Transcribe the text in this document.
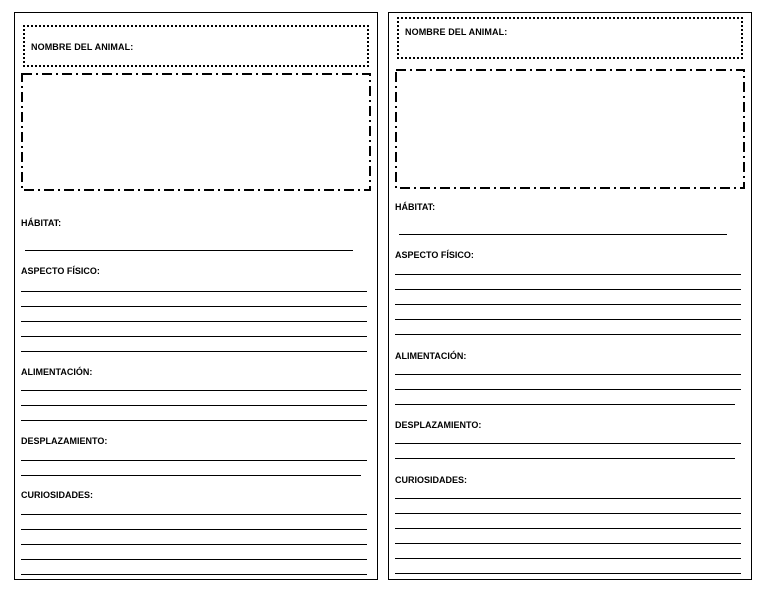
NOMBRE DEL ANIMAL:
HÁBITAT:
ASPECTO FÍSICO:
ALIMENTACIÓN:
DESPLAZAMIENTO:
CURIOSIDADES:
NOMBRE DEL ANIMAL:
HÁBITAT:
ASPECTO FÍSICO:
ALIMENTACIÓN:
DESPLAZAMIENTO:
CURIOSIDADES:
